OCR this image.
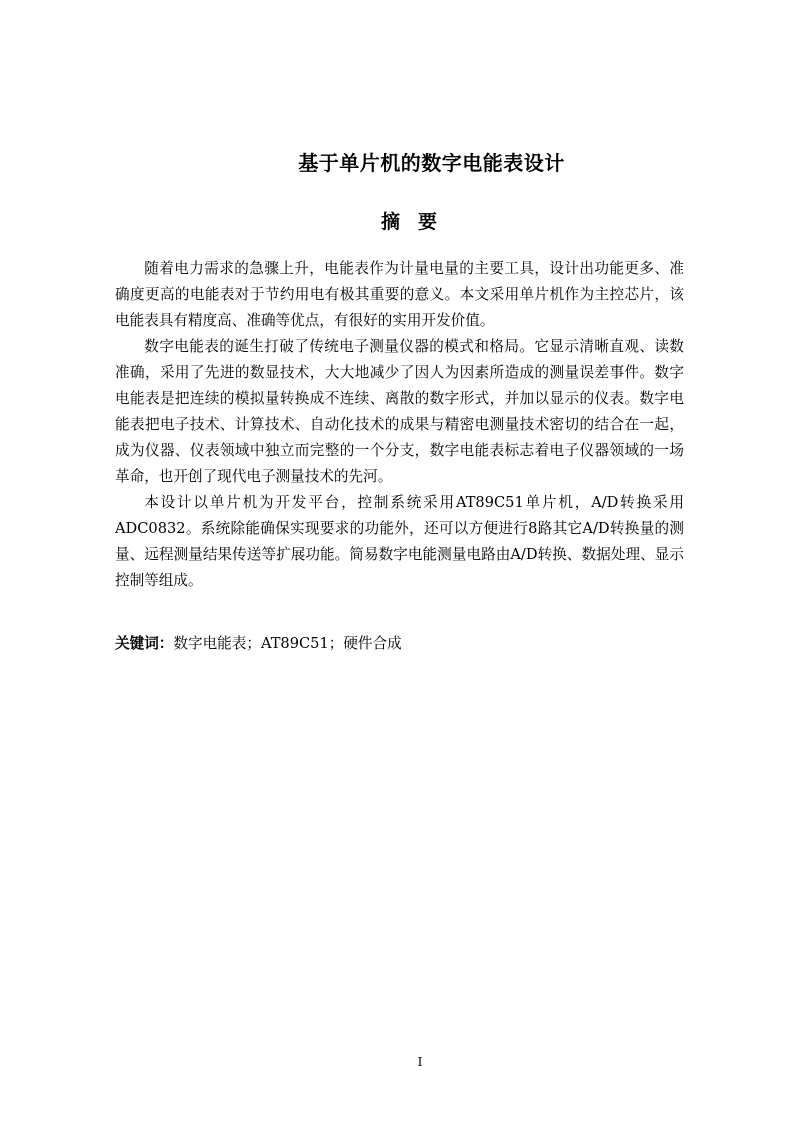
基于单片机的数字电能表设计
摘要

随着电力需求的急骤上升，电能表作为计量电量的主要工具，设计出功能更多、准确度更高的电能表对于节约用电有极其重要的意义。本文采用单片机作为主控芯片，该电能表具有精度高、准确等优点，有很好的实用开发价值。

数字电能表的诞生打破了传统电子测量仪器的模式和格局。它显示清晰直观、读数准确，采用了先进的数显技术，大大地减少了因人为因素所造成的测量误差事件。数字电能表是把连续的模拟量转换成不连续、离散的数字形式，并加以显示的仪表。数字电能表把电子技术、计算技术、自动化技术的成果与精密电测量技术密切的结合在一起，成为仪器、仪表领域中独立而完整的一个分支，数字电能表标志着电子仪器领域的一场革命，也开创了现代电子测量技术的先河。

本设计以单片机为开发平台，控制系统采用AT89C51单片机，A/D转换采用ADC0832。系统除能确保实现要求的功能外，还可以方便进行8路其它A/D转换量的测量、远程测量结果传送等扩展功能。简易数字电能测量电路由A/D转换、数据处理、显示控制等组成。

关键词：数字电能表；AT89C51；硬件合成
I
